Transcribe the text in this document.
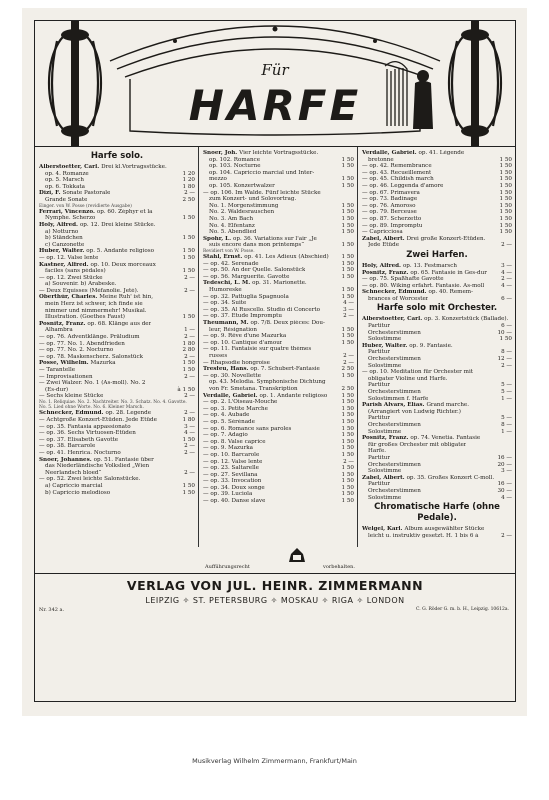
Für
HARFE
Harfe solo.
Alberstoetter, Carl. Drei kl.Vortragsstücke.
op. 4. Romanze	1 20
op. 5. Marsch	1 20
op. 6. Tokkata	1 80
Dizi, F. Sonate Pastorale	2 —
Grande Sonate	2 50
Einger. von W. Posse (revidierte Ausgabe)
Ferrari, Vincenzo. op. 60. Zéphyr et la
Nymphe. Scherzo	1 50
Holy, Alfred. op. 12. Drei kleine Stücke.
a) Notturno
b) Ständchen	1 50
c) Canzonette
Huber, Walter. op. 5. Andante religioso	1 50
— op. 12. Valse lente	1 50
Kastner, Alfred. op. 10. Deux morceaux
faciles (sans pédales)	1 50
— op. 12. Zwei Stücke	2 —
a) Souvenir. b) Arabeske.
— Deux Equisses (Méfanolie. Jeté).	2 —
Oberthür, Charles. Meine Ruh' ist hin,
mein Herz ist schwer, ich finde sie
nimmer und nimmermehr! Musikal.
Illustration. (Goethes Faust)	1 50
Posnitz, Franz. op. 68. Klänge aus der
Alhambra	1 —
— op. 76. Adventklänge. Präludium	2 —
— op. 77. No. 1. Abendfrieden	1 80
— op. 77. No. 2. Nocturno	2 80
— op. 78. Maskenscherz. Salonstück	2 —
Posse, Wilhelm. Mazurka	1 50
— Tarantelle	1 50
— Improvisationen	2 —
— Zwei Walzer. No. 1 (As-moll). No. 2
(Es-dur)	à 1 50
— Sechs kleine Stücke	2 —
No. 1. Reliquiae. No. 2. Nachtreiter. No. 3. Schatz. No. 4. Gavotte. No. 5. Lied ohne Worte. No. 6. Kleiner Marsch.
Schnecker, Edmund. op. 28. Legende	2 —
— Achtgroße Konzert-Etüden. Jede Etüde	1 80
— op. 35. Fantasia appassionato	3 —
— op. 36. Sechs Virtuosen-Etüden	4 —
— op. 37. Elisabeth Gavotte	1 50
— op. 38. Barcarole	2 —
— op. 41. Henrica. Nocturno	2 —
Snoer, Johannes. op. 51. Fantasie über
das Niederländische Volkslied „Wien
Neerlandsch bloed“	2 —
— op. 52. Zwei leichte Salonstücke.
a) Capriccio marcial	1 50
b) Capriccio melodioso	1 50
Snoer, Joh. Vier leichte Vortragsstücke.
op. 102. Romance	1 50
op. 103. Nocturne	1 50
op. 104. Capriccio marcial und Inter-
mezzo	1 50
op. 105. Konzertwalzer	1 50
— op. 106. Im Walde. Fünf leichte Stücke
zum Konzert- und Solovortrag.
No. 1. Morgenstimmung	1 50
No. 2. Waldesrauschen	1 50
No. 3. Am Bach	1 50
No. 4. Elfentanz	1 50
No. 5. Abendlied	1 50
Spohr, L. op. 36. Variations sur l'air „Je
suis encore dans mon printemps“	1 50
Revidiert von W. Posse.
Stahl, Ernst. op. 41. Les Adieux (Abschied)	1 50
— op. 42. Serenade	1 50
— op. 50. An der Quelle. Salonstück	1 50
— op. 56. Marguerite. Gavotte	1 50
Tedeschi, L. M. op. 31. Marionette.
Humoreske	1 50
— op. 32. Pattuglia Spagnuola	1 50
— op. 34. Suite	4 —
— op. 35. Al Ruscello. Studio di Concerto	3 —
— op. 37. Etude Impromptu	2 —
Theumann, M. op. 7/8. Deux pièces: Dou-
leur, Résignation	1 50
— op. 9. Rêve d'une Mazurka	1 50
— op. 10. Cantique d'amour	1 50
— op. 11. Fantaisie sur quatre thèmes
russes	2 —
— Rhapsodie hongroise	2 —
Tresfeu, Hans. op. 7. Schubert-Fantasie	2 50
— op. 30. Novellette	1 50
op. 43. Melodia. Symphonische Dichtung
von Fr. Smetana. Transkription	2 50
Verdalle, Gabriel. op. 1. Andante religioso	1 50
— op. 2. L'Oiseau-Mouche	1 50
— op. 3. Petite Marche	1 50
— op. 4. Aubade	1 50
— op. 5. Sérénade	1 50
— op. 6. Romance sans paroles	1 50
— op. 7. Adagio	1 50
— op. 8. Valse caprice	1 50
— op. 9. Mazurka	1 50
— op. 10. Barcarole	1 50
— op. 12. Valse lente	2 —
— op. 23. Saltarelle	1 50
— op. 27. Sevillana	1 50
— op. 33. Invocation	1 50
— op. 34. Doux songe	1 50
— op. 39. Luciola	1 50
— op. 40. Danse slave	1 50
Verdalle, Gabriel. op. 41. Légende
bretonne	1 50
— op. 42. Remembrance	1 50
— op. 43. Recueillement	1 50
— op. 45. Childish march	1 50
— op. 46. Leggenda d'amore	1 50
— op. 67. Primavera	1 50
— op. 73. Badinage	1 50
— op. 76. Amoroso	1 50
— op. 79. Berceuse	1 50
— op. 87. Scherzetto	1 50
— op. 89. Impromptu	1 50
— Capricciosa	1 50
Zabel, Albert. Drei große Konzert-Etüden.
Jede Etüde	2 —
Zwei Harfen.
Holy, Alfred. op. 13. Festmarsch	3 —
Posnitz, Franz. op. 65. Fantasie in Ges-dur	4 —
— op. 75. Spaßhafte Gavotte	2 —
— op. 80. Wiking erfahrt. Fantasie. As-moll	4 —
Schnecker, Edmund. op. 40. Remem-
brances of Worcester	6 —
Harfe solo mit Orchester.
Alberstoetter, Carl. op. 3. Konzertstück (Ballade).
Partitur	6 —
Orchesterstimmen	10 —
Solostimme	1 50
Huber, Walter. op. 9. Fantasie.
Partitur	8 —
Orchesterstimmen	12 —
Solostimme	2 —
— op. 10. Meditation für Orchester mit
obligater Violine und Harfe.
Partitur	5 —
Orchesterstimmen	5 —
Solostimmen f. Harfe	1 —
Parish Alvars, Elias. Grand marche.
(Arrangiert von Ludwig Richter.)
Partitur	5 —
Orchesterstimmen	8 —
Solostimme	1 —
Posnitz, Franz. op. 74. Venetia. Fantasie
für großes Orchester mit obligater
Harfe.
Partitur	16 —
Orchesterstimmen	20 —
Solostimme	3 —
Zabel, Albert. op. 35. Großes Konzert C-moll.
Partitur	16 —
Orchesterstimmen	30 —
Solostimme	4 —
Chromatische Harfe (ohne Pedale).
Welgel, Karl. Album ausgewählter Stücke
leicht u. instruktiv gesetzt. H. 1 bis 6 à	2 —
Aufführungsrecht	vorbehalten.
VERLAG VON JUL. HEINR. ZIMMERMANN
LEIPZIG ✧ ST. PETERSBURG ✧ MOSKAU ✧ RIGA ✧ LONDON
Nr. 342 a.	C. G. Röder G. m. b. H., Leipzig. 10612a.
Musikverlag Wilhelm Zimmermann, Frankfurt/Main
